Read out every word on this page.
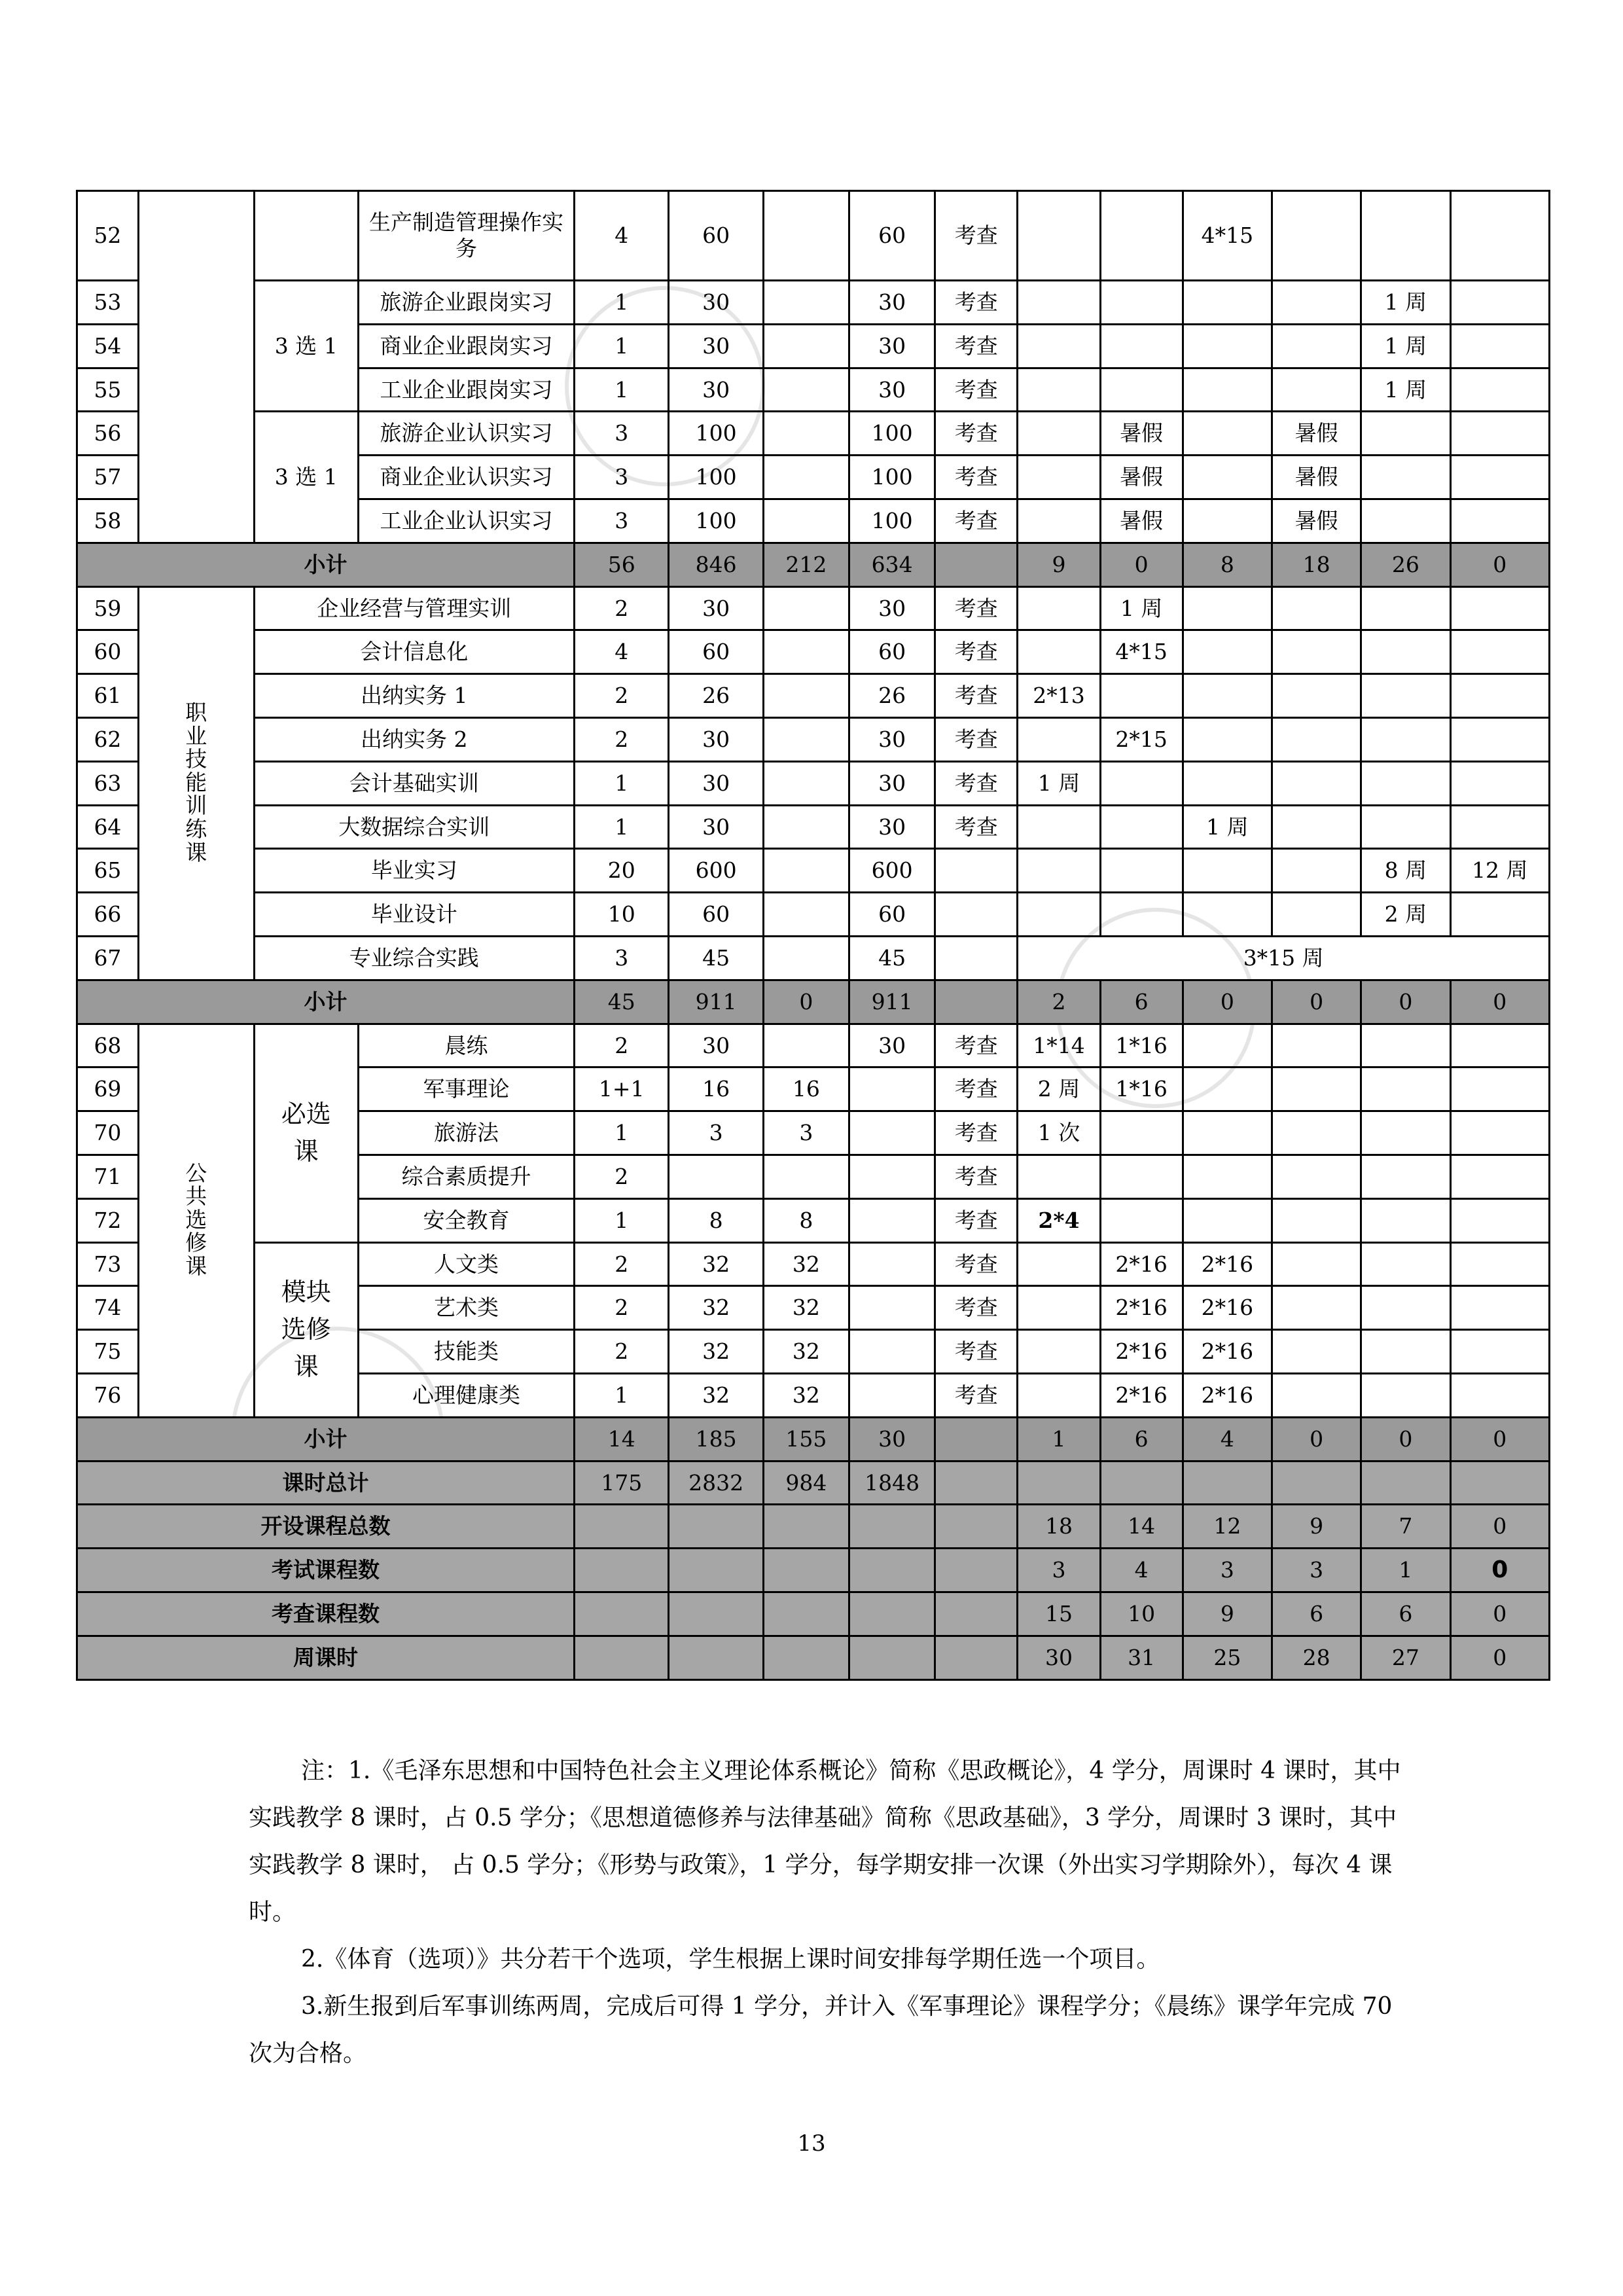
52			生产制造管理操作实务	4	60		60	考查			4*15			
53		3 选 1	旅游企业跟岗实习	1	30		30	考查					1 周	
54			商业企业跟岗实习	1	30		30	考查					1 周	
55			工业企业跟岗实习	1	30		30	考查					1 周	
56		3 选 1	旅游企业认识实习	3	100		100	考查		暑假		暑假		
57			商业企业认识实习	3	100		100	考查		暑假		暑假		
58			工业企业认识实习	3	100		100	考查		暑假		暑假		
小计				56	846	212	634		9	0	8	18	26	0
59	职业技能训练课	企业经营与管理实训		2	30		30	考查		1 周				
60		会计信息化		4	60		60	考查		4*15				
61		出纳实务 1		2	26		26	考查	2*13					
62		出纳实务 2		2	30		30	考查		2*15				
63		会计基础实训		1	30		30	考查	1 周					
64		大数据综合实训		1	30		30	考查			1 周			
65		毕业实习		20	600		600						8 周	12 周
66		毕业设计		10	60		60						2 周	
67		专业综合实践		3	45		45		3*15 周					
小计				45	911	0	911		2	6	0	0	0	0
68	公共选修课	必选课	晨练	2	30		30	考查	1*14	1*16				
69			军事理论	1+1	16	16		考查	2 周	1*16				
70			旅游法	1	3	3		考查	1 次					
71			综合素质提升	2				考查						
72			安全教育	1	8	8		考查	2*4					
73		模块选修课	人文类	2	32	32		考查		2*16	2*16			
74			艺术类	2	32	32		考查		2*16	2*16			
75			技能类	2	32	32		考查		2*16	2*16			
76			心理健康类	1	32	32		考查		2*16	2*16			
小计				14	185	155	30		1	6	4	0	0	0
课时总计				175	2832	984	1848							
开设课程总数									18	14	12	9	7	0
考试课程数									3	4	3	3	1	0
考查课程数									15	10	9	6	6	0
周课时									30	31	25	28	27	0

注：1.《毛泽东思想和中国特色社会主义理论体系概论》简称《思政概论》，4 学分，周课时 4 课时，其中实践教学 8 课时，占 0.5 学分；《思想道德修养与法律基础》简称《思政基础》，3 学分，周课时 3 课时，其中实践教学 8 课时， 占 0.5 学分；《形势与政策》，1 学分，每学期安排一次课（外出实习学期除外），每次 4 课时。

2.《体育（选项）》共分若干个选项，学生根据上课时间安排每学期任选一个项目。

3.新生报到后军事训练两周，完成后可得 1 学分，并计入《军事理论》课程学分；《晨练》课学年完成 70 次为合格。

13
